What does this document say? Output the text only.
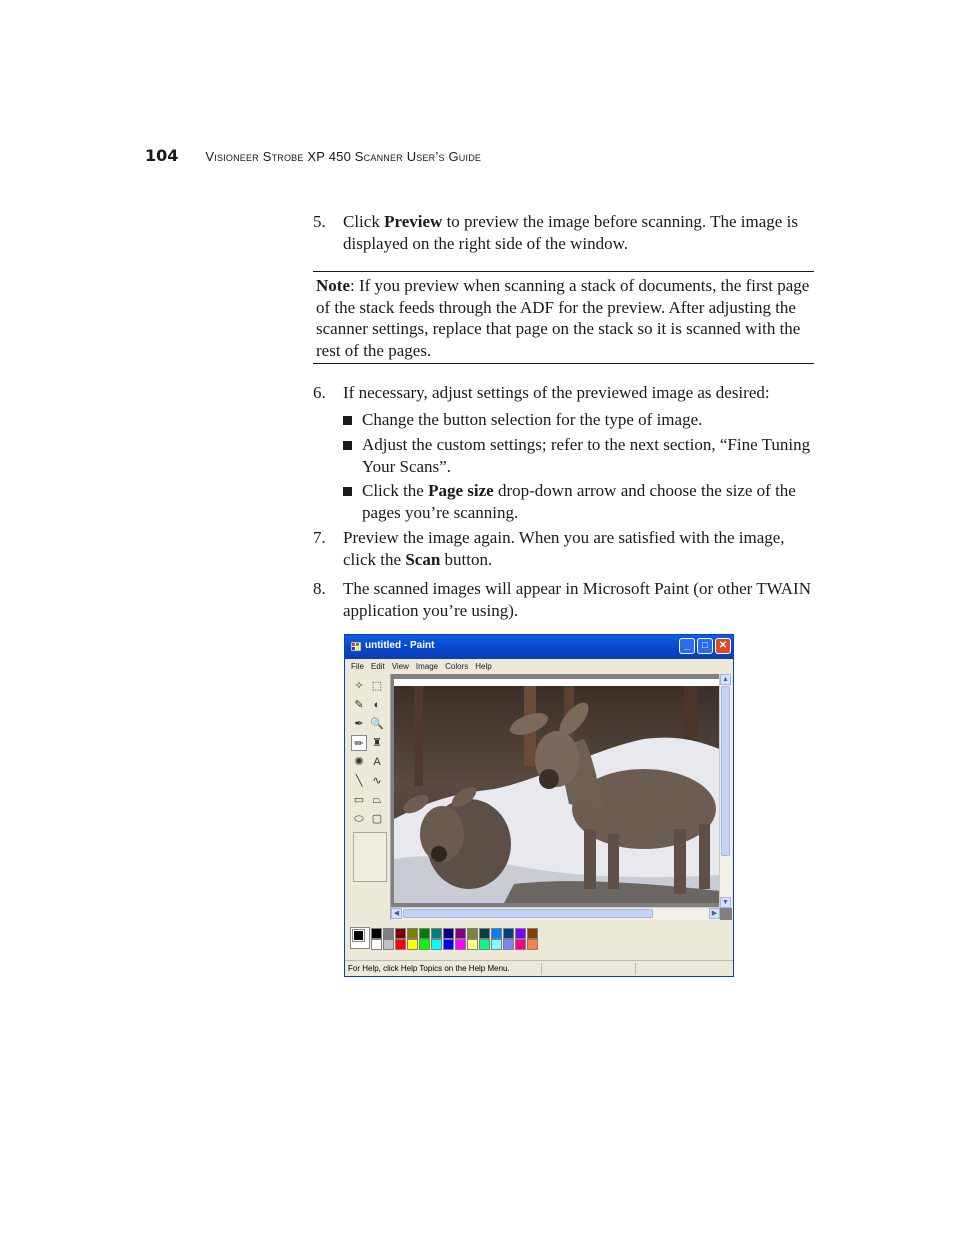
104 Visioneer Strobe XP 450 Scanner User’s Guide
5. Click Preview to preview the image before scanning. The image is displayed on the right side of the window.
Note: If you preview when scanning a stack of documents, the first page of the stack feeds through the ADF for the preview. After adjusting the scanner settings, replace that page on the stack so it is scanned with the rest of the pages.
6. If necessary, adjust settings of the previewed image as desired:
Change the button selection for the type of image.
Adjust the custom settings; refer to the next section, “Fine Tuning Your Scans”.
Click the Page size drop-down arrow and choose the size of the pages you’re scanning.
7. Preview the image again. When you are satisfied with the image, click the Scan button.
8. The scanned images will appear in Microsoft Paint (or other TWAIN application you’re using).
untitled - Paint	_	□	✕
File Edit View Image Colors Help
✧ ⬚
✎ ◐
✒ 🔍
✏ ♜
✺ A
╲ ∿
▭ ⏢
⬭ ▢
▲
▼
◀	▶
For Help, click Help Topics on the Help Menu.
